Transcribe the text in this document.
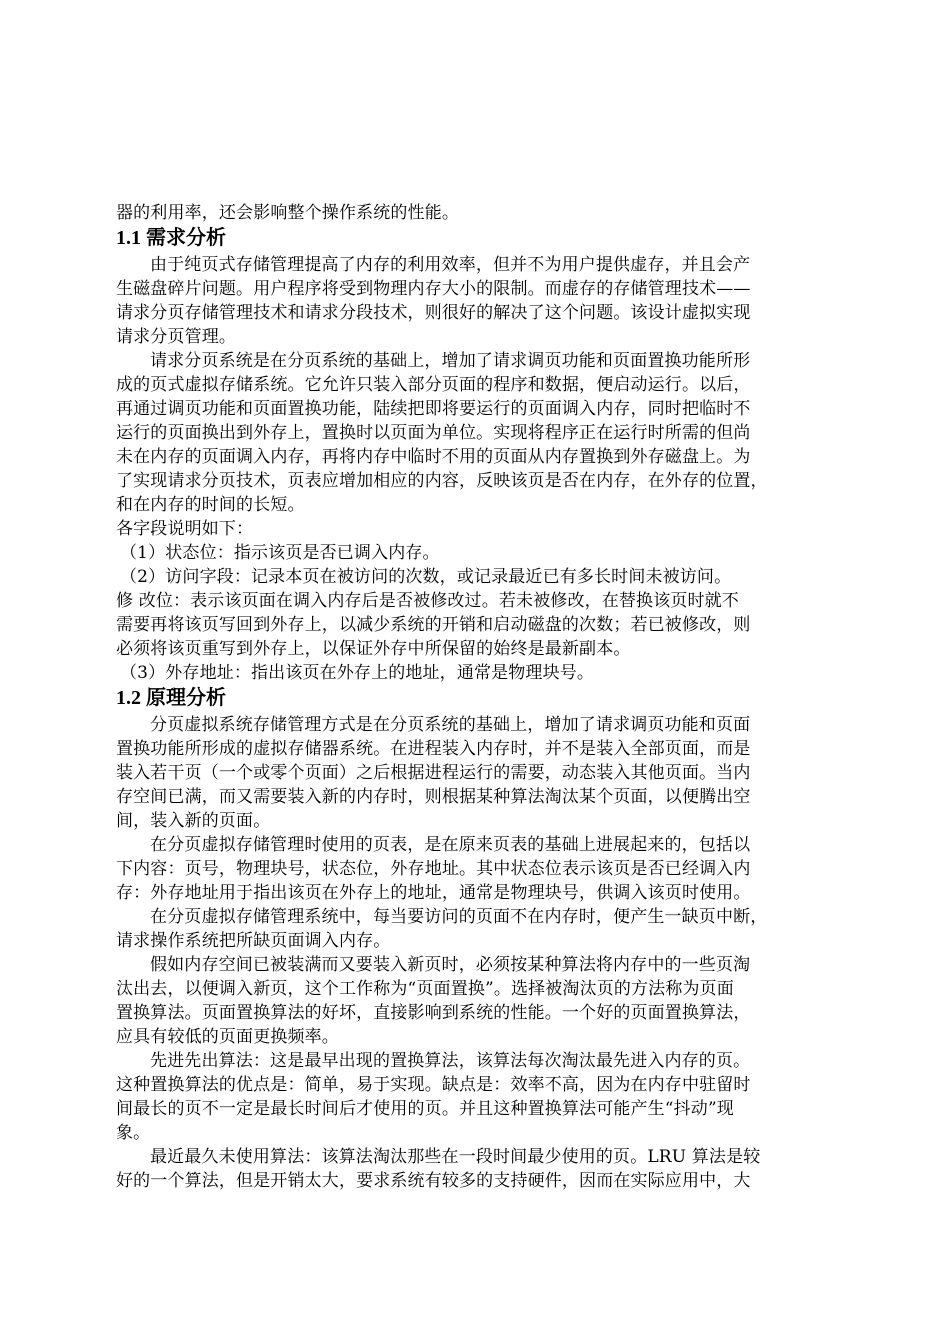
器的利用率，还会影响整个操作系统的性能。
1.1 需求分析
由于纯页式存储管理提高了内存的利用效率，但并不为用户提供虚存，并且会产
生磁盘碎片问题。用户程序将受到物理内存大小的限制。而虚存的存储管理技术——
请求分页存储管理技术和请求分段技术，则很好的解决了这个问题。该设计虚拟实现
请求分页管理。
请求分页系统是在分页系统的基础上，增加了请求调页功能和页面置换功能所形
成的页式虚拟存储系统。它允许只装入部分页面的程序和数据，便启动运行。以后，
再通过调页功能和页面置换功能，陆续把即将要运行的页面调入内存，同时把临时不
运行的页面换出到外存上，置换时以页面为单位。实现将程序正在运行时所需的但尚
未在内存的页面调入内存，再将内存中临时不用的页面从内存置换到外存磁盘上。为
了实现请求分页技术，页表应增加相应的内容，反映该页是否在内存，在外存的位置，
和在内存的时间的长短。
各字段说明如下：
（1）状态位：指示该页是否已调入内存。
（2）访问字段：记录本页在被访问的次数，或记录最近已有多长时间未被访问。
修 改位：表示该页面在调入内存后是否被修改过。若未被修改，在替换该页时就不
需要再将该页写回到外存上，以减少系统的开销和启动磁盘的次数；若已被修改，则
必须将该页重写到外存上，以保证外存中所保留的始终是最新副本。
（3）外存地址：指出该页在外存上的地址，通常是物理块号。
1.2 原理分析
分页虚拟系统存储管理方式是在分页系统的基础上，增加了请求调页功能和页面
置换功能所形成的虚拟存储器系统。在进程装入内存时，并不是装入全部页面，而是
装入若干页（一个或零个页面）之后根据进程运行的需要，动态装入其他页面。当内
存空间已满，而又需要装入新的内存时，则根据某种算法淘汰某个页面，以便腾出空
间，装入新的页面。
在分页虚拟存储管理时使用的页表，是在原来页表的基础上进展起来的，包括以
下内容：页号，物理块号，状态位，外存地址。其中状态位表示该页是否已经调入内
存：外存地址用于指出该页在外存上的地址，通常是物理块号，供调入该页时使用。
在分页虚拟存储管理系统中，每当要访问的页面不在内存时，便产生一缺页中断，
请求操作系统把所缺页面调入内存。
假如内存空间已被装满而又要装入新页时，必须按某种算法将内存中的一些页淘
汰出去，以便调入新页，这个工作称为“页面置换”。选择被淘汰页的方法称为页面
置换算法。页面置换算法的好坏，直接影响到系统的性能。一个好的页面置换算法，
应具有较低的页面更换频率。
先进先出算法：这是最早出现的置换算法，该算法每次淘汰最先进入内存的页。
这种置换算法的优点是：简单，易于实现。缺点是：效率不高，因为在内存中驻留时
间最长的页不一定是最长时间后才使用的页。并且这种置换算法可能产生“抖动”现
象。
最近最久未使用算法：该算法淘汰那些在一段时间最少使用的页。LRU 算法是较
好的一个算法，但是开销太大，要求系统有较多的支持硬件，因而在实际应用中，大
